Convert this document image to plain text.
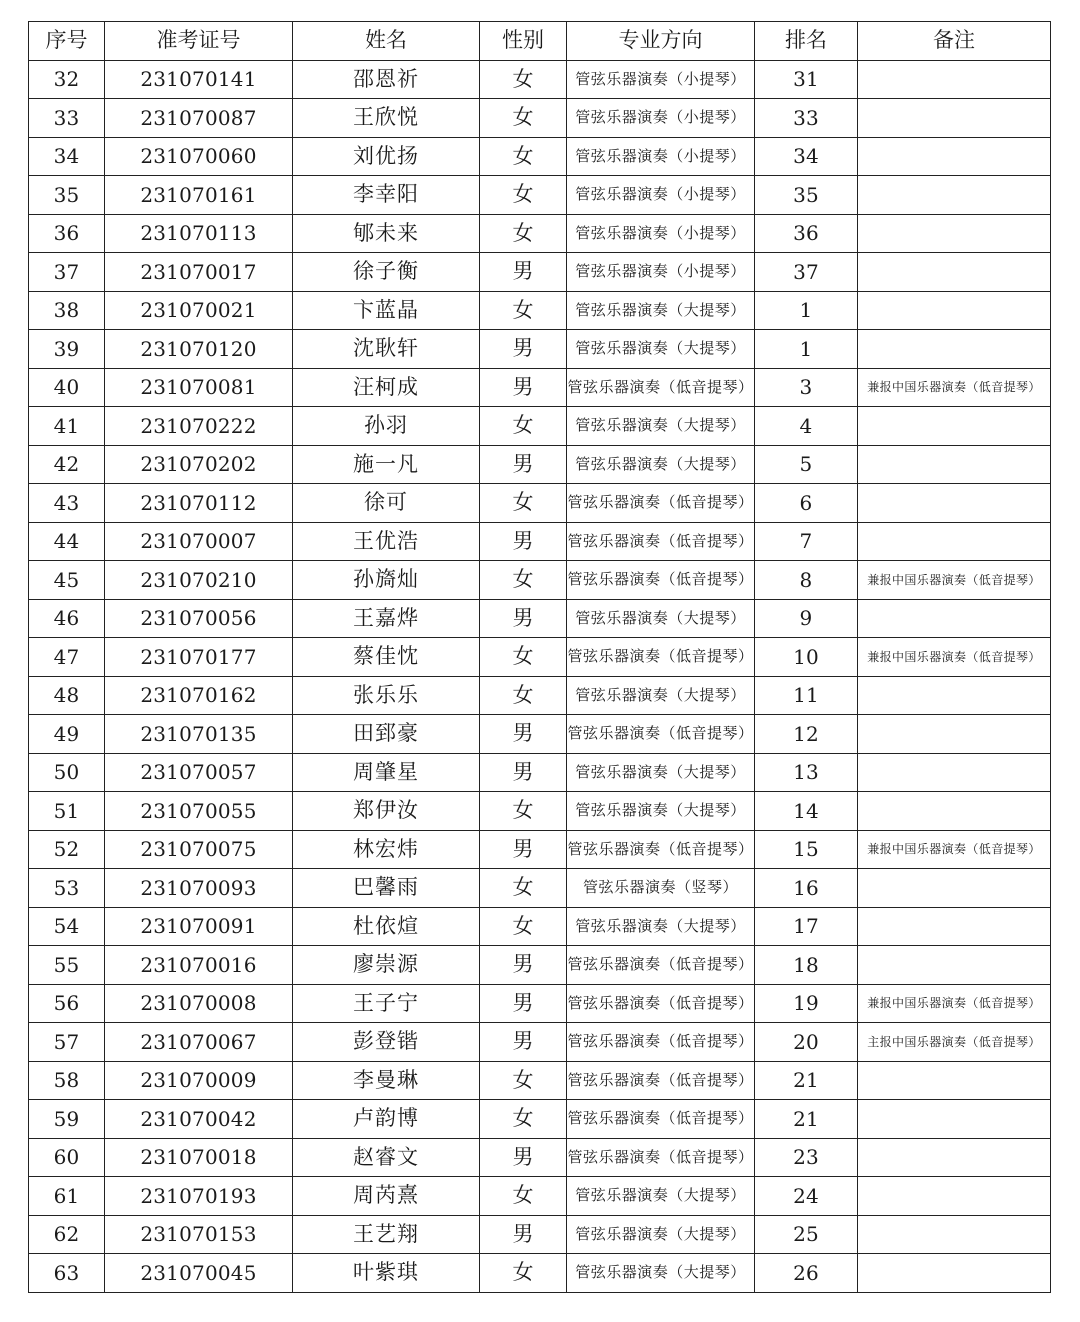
序号	准考证号	姓名	性别	专业方向	排名	备注
32	231070141	邵恩祈	女	管弦乐器演奏（小提琴）	31	
33	231070087	王欣悦	女	管弦乐器演奏（小提琴）	33	
34	231070060	刘优扬	女	管弦乐器演奏（小提琴）	34	
35	231070161	李幸阳	女	管弦乐器演奏（小提琴）	35	
36	231070113	郇未来	女	管弦乐器演奏（小提琴）	36	
37	231070017	徐子衡	男	管弦乐器演奏（小提琴）	37	
38	231070021	卞蓝晶	女	管弦乐器演奏（大提琴）	1	
39	231070120	沈耿轩	男	管弦乐器演奏（大提琴）	1	
40	231070081	汪柯成	男	管弦乐器演奏（低音提琴）	3	兼报中国乐器演奏（低音提琴）
41	231070222	孙羽	女	管弦乐器演奏（大提琴）	4	
42	231070202	施一凡	男	管弦乐器演奏（大提琴）	5	
43	231070112	徐可	女	管弦乐器演奏（低音提琴）	6	
44	231070007	王优浩	男	管弦乐器演奏（低音提琴）	7	
45	231070210	孙旖灿	女	管弦乐器演奏（低音提琴）	8	兼报中国乐器演奏（低音提琴）
46	231070056	王嘉烨	男	管弦乐器演奏（大提琴）	9	
47	231070177	蔡佳忱	女	管弦乐器演奏（低音提琴）	10	兼报中国乐器演奏（低音提琴）
48	231070162	张乐乐	女	管弦乐器演奏（大提琴）	11	
49	231070135	田郅豪	男	管弦乐器演奏（低音提琴）	12	
50	231070057	周肇星	男	管弦乐器演奏（大提琴）	13	
51	231070055	郑伊汝	女	管弦乐器演奏（大提琴）	14	
52	231070075	林宏炜	男	管弦乐器演奏（低音提琴）	15	兼报中国乐器演奏（低音提琴）
53	231070093	巴馨雨	女	管弦乐器演奏（竖琴）	16	
54	231070091	杜依煊	女	管弦乐器演奏（大提琴）	17	
55	231070016	廖崇源	男	管弦乐器演奏（低音提琴）	18	
56	231070008	王子宁	男	管弦乐器演奏（低音提琴）	19	兼报中国乐器演奏（低音提琴）
57	231070067	彭登锴	男	管弦乐器演奏（低音提琴）	20	主报中国乐器演奏（低音提琴）
58	231070009	李曼琳	女	管弦乐器演奏（低音提琴）	21	
59	231070042	卢韵博	女	管弦乐器演奏（低音提琴）	21	
60	231070018	赵睿文	男	管弦乐器演奏（低音提琴）	23	
61	231070193	周芮熹	女	管弦乐器演奏（大提琴）	24	
62	231070153	王艺翔	男	管弦乐器演奏（大提琴）	25	
63	231070045	叶紫琪	女	管弦乐器演奏（大提琴）	26	
